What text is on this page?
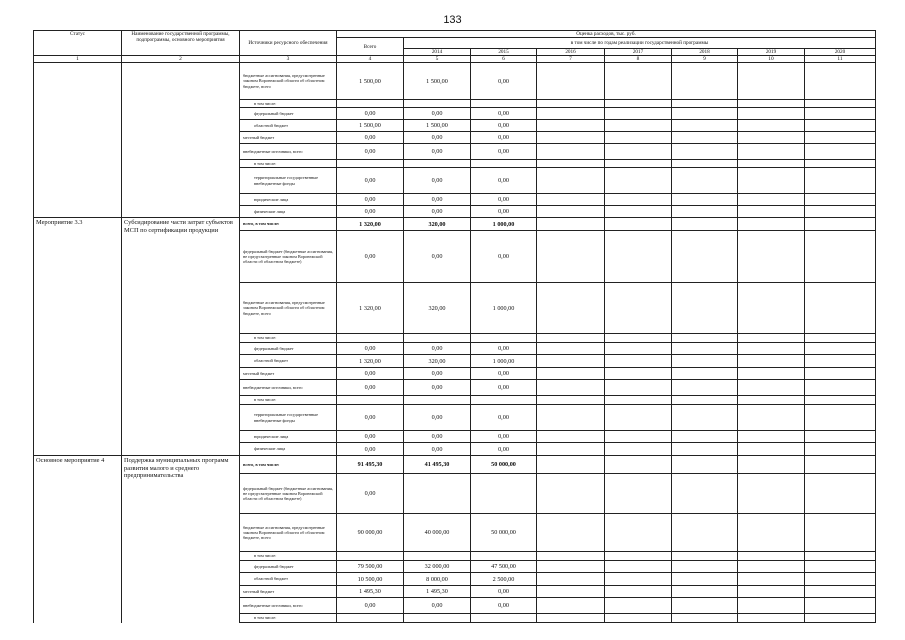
133
Статус	Наименование государственной программы, подпрограммы, основного мероприятия	Источники ресурсного обеспечения	Оценка расходов, тыс. руб.							
			Всего	в том числе по годам реализации государственной программы						
				2014	2015	2016	2017	2018	2019	2020
1	2	3	4	5	6	7	8	9	10	11
		бюджетные ассигнования, предусмотренные законом Воронежской области об областном бюджете, всего	1 500,00	1 500,00	0,00					
		в том числе:								
		федеральный бюджет	0,00	0,00	0,00					
		областной бюджет	1 500,00	1 500,00	0,00					
		местный бюджет	0,00	0,00	0,00					
		внебюджетные источники, всего	0,00	0,00	0,00					
		в том числе:								
		территориальные государственные внебюджетные фонды	0,00	0,00	0,00					
		юридические лица	0,00	0,00	0,00					
		физические лица	0,00	0,00	0,00					
Мероприятие 3.3	Субсидирование части затрат субъектов МСП по сертификации продукции	всего, в том числе:	1 320,00	320,00	1 000,00					
		федеральный бюджет (бюджетные ассигнования, не предусмотренные законом Воронежской области об областном бюджете)	0,00	0,00	0,00					
		бюджетные ассигнования, предусмотренные законом Воронежской области об областном бюджете, всего	1 320,00	320,00	1 000,00					
		в том числе:								
		федеральный бюджет	0,00	0,00	0,00					
		областной бюджет	1 320,00	320,00	1 000,00					
		местный бюджет	0,00	0,00	0,00					
		внебюджетные источники, всего	0,00	0,00	0,00					
		в том числе:								
		территориальные государственные внебюджетные фонды	0,00	0,00	0,00					
		юридические лица	0,00	0,00	0,00					
		физические лица	0,00	0,00	0,00					
Основное мероприятие 4	Поддержка муниципальных программ развития малого и среднего предпринимательства	всего, в том числе:	91 495,30	41 495,30	50 000,00					
		федеральный бюджет (бюджетные ассигнования, не предусмотренные законом Воронежской области об областном бюджете)	0,00							
		бюджетные ассигнования, предусмотренные законом Воронежской области об областном бюджете, всего	90 000,00	40 000,00	50 000,00					
		в том числе:								
		федеральный бюджет	79 500,00	32 000,00	47 500,00					
		областной бюджет	10 500,00	8 000,00	2 500,00					
		местный бюджет	1 495,30	1 495,30	0,00					
		внебюджетные источники, всего	0,00	0,00	0,00					
		в том числе:								
